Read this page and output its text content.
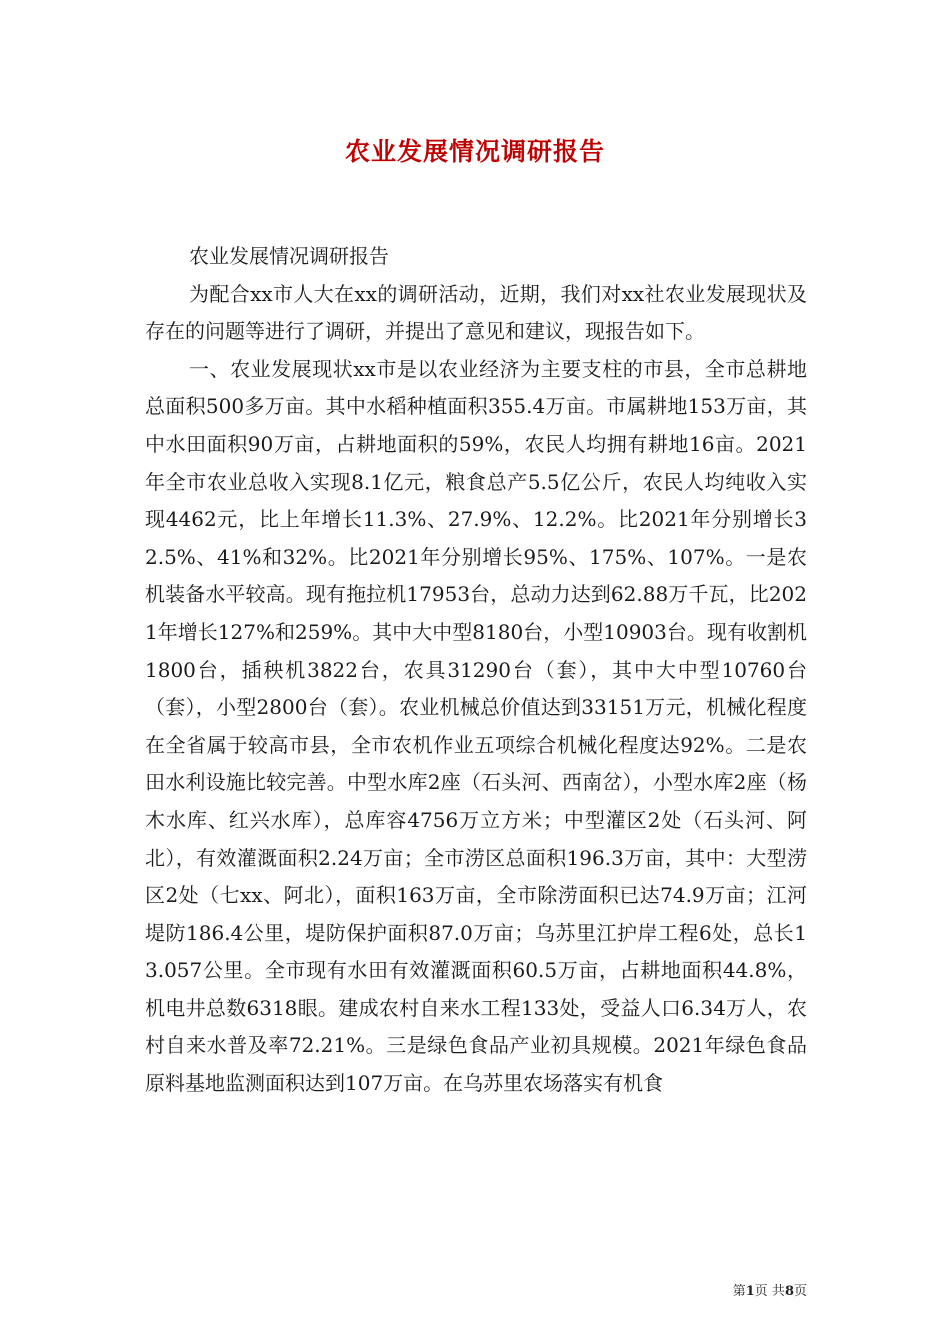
农业发展情况调研报告

农业发展情况调研报告

为配合xx市人大在xx的调研活动，近期，我们对xx社农业发展现状及存在的问题等进行了调研，并提出了意见和建议，现报告如下。

一、农业发展现状xx市是以农业经济为主要支柱的市县，全市总耕地总面积500多万亩。其中水稻种植面积355.4万亩。市属耕地153万亩，其中水田面积90万亩，占耕地面积的59%，农民人均拥有耕地16亩。2021年全市农业总收入实现8.1亿元，粮食总产5.5亿公斤，农民人均纯收入实现4462元，比上年增长11.3%、27.9%、12.2%。比2021年分别增长32.5%、41%和32%。比2021年分别增长95%、175%、107%。一是农机装备水平较高。现有拖拉机17953台，总动力达到62.88万千瓦，比2021年增长127%和259%。其中大中型8180台，小型10903台。现有收割机1800台，插秧机3822台，农具31290台（套），其中大中型10760台（套），小型2800台（套）。农业机械总价值达到33151万元，机械化程度在全省属于较高市县，全市农机作业五项综合机械化程度达92%。二是农田水利设施比较完善。中型水库2座（石头河、西南岔），小型水库2座（杨木水库、红兴水库），总库容4756万立方米；中型灌区2处（石头河、阿北），有效灌溉面积2.24万亩；全市涝区总面积196.3万亩，其中：大型涝区2处（七xx、阿北），面积163万亩，全市除涝面积已达74.9万亩；江河堤防186.4公里，堤防保护面积87.0万亩；乌苏里江护岸工程6处，总长13.057公里。全市现有水田有效灌溉面积60.5万亩，占耕地面积44.8%，机电井总数6318眼。建成农村自来水工程133处，受益人口6.34万人，农村自来水普及率72.21%。三是绿色食品产业初具规模。2021年绿色食品原料基地监测面积达到107万亩。在乌苏里农场落实有机食

第1页 共8页
